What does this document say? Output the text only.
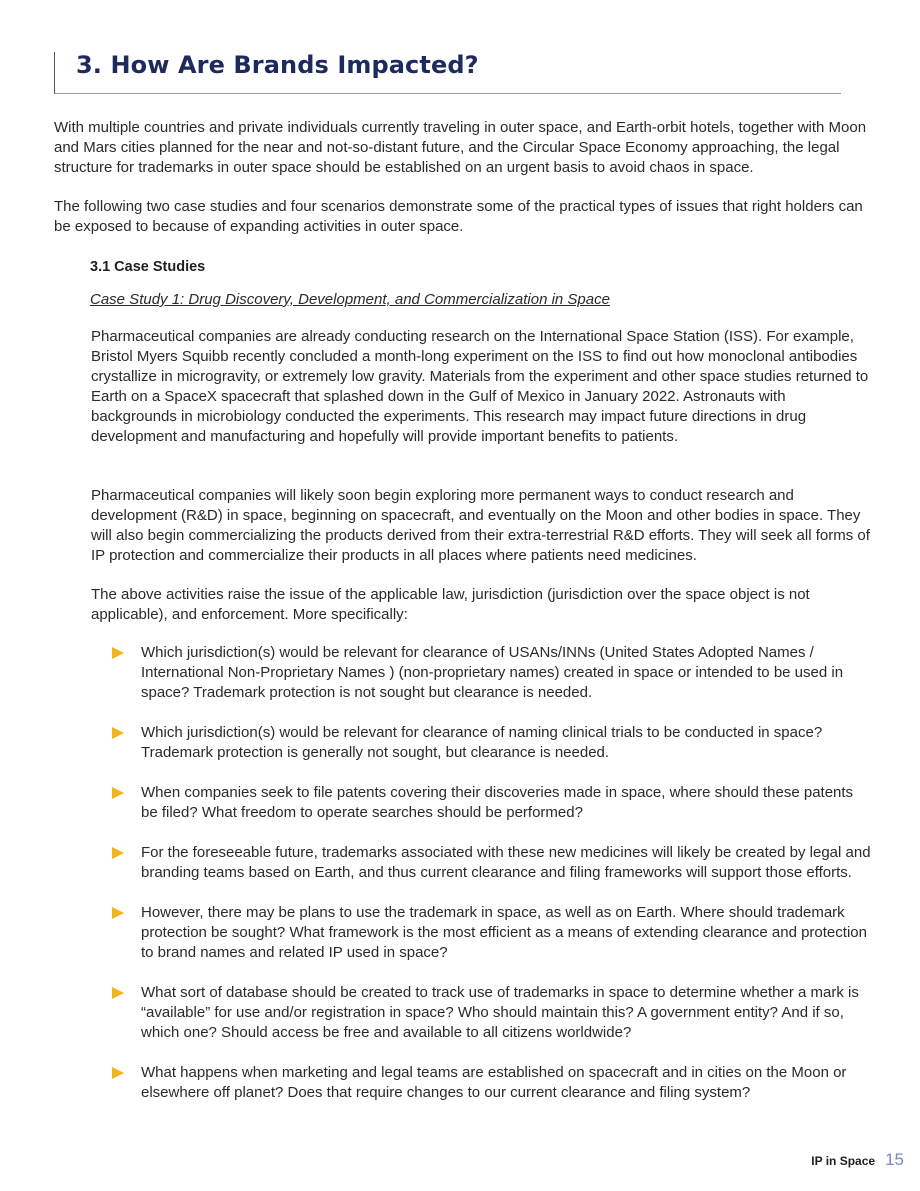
3. How Are Brands Impacted?

With multiple countries and private individuals currently traveling in outer space, and Earth-orbit hotels, together with Moon and Mars cities planned for the near and not-so-distant future, and the Circular Space Economy approaching, the legal structure for trademarks in outer space should be established on an urgent basis to avoid chaos in space.

The following two case studies and four scenarios demonstrate some of the practical types of issues that right holders can be exposed to because of expanding activities in outer space.

3.1 Case Studies

Case Study 1: Drug Discovery, Development, and Commercialization in Space

Pharmaceutical companies are already conducting research on the International Space Station (ISS). For example, Bristol Myers Squibb recently concluded a month-long experiment on the ISS to find out how monoclonal antibodies crystallize in microgravity, or extremely low gravity. Materials from the experiment and other space studies returned to Earth on a SpaceX spacecraft that splashed down in the Gulf of Mexico in January 2022. Astronauts with backgrounds in microbiology conducted the experiments. This research may impact future directions in drug development and manufacturing and hopefully will provide important benefits to patients.

Pharmaceutical companies will likely soon begin exploring more permanent ways to conduct research and development (R&D) in space, beginning on spacecraft, and eventually on the Moon and other bodies in space. They will also begin commercializing the products derived from their extra-terrestrial R&D efforts. They will seek all forms of IP protection and commercialize their products in all places where patients need medicines.

The above activities raise the issue of the applicable law, jurisdiction (jurisdiction over the space object is not applicable), and enforcement. More specifically:

Which jurisdiction(s) would be relevant for clearance of USANs/INNs (United States Adopted Names / International Non-Proprietary Names ) (non-proprietary names) created in space or intended to be used in space? Trademark protection is not sought but clearance is needed.
Which jurisdiction(s) would be relevant for clearance of naming clinical trials to be conducted in space? Trademark protection is generally not sought, but clearance is needed.
When companies seek to file patents covering their discoveries made in space, where should these patents be filed? What freedom to operate searches should be performed?
For the foreseeable future, trademarks associated with these new medicines will likely be created by legal and branding teams based on Earth, and thus current clearance and filing frameworks will support those efforts.
However, there may be plans to use the trademark in space, as well as on Earth. Where should trademark protection be sought? What framework is the most efficient as a means of extending clearance and protection to brand names and related IP used in space?
What sort of database should be created to track use of trademarks in space to determine whether a mark is “available” for use and/or registration in space? Who should maintain this? A government entity? And if so, which one? Should access be free and available to all citizens worldwide?
What happens when marketing and legal teams are established on spacecraft and in cities on the Moon or elsewhere off planet? Does that require changes to our current clearance and filing system?
IP in Space 15
